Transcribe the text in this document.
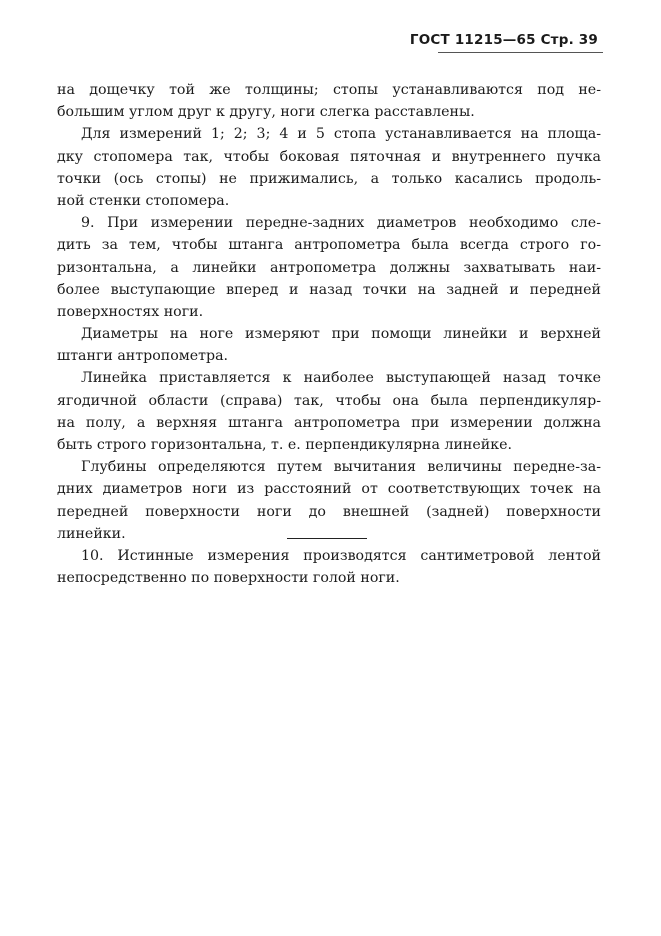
ГОСТ 11215—65 Стр. 39
на дощечку той же толщины; стопы устанавливаются под не-
большим углом друг к другу, ноги слегка расставлены.
Для измерений 1; 2; 3; 4 и 5 стопа устанавливается на площа-
дку стопомера так, чтобы боковая пяточная и внутреннего пучка
точки (ось стопы) не прижимались, а только касались продоль-
ной стенки стопомера.
9. При измерении передне-задних диаметров необходимо сле-
дить за тем, чтобы штанга антропометра была всегда строго го-
ризонтальна, а линейки антропометра должны захватывать наи-
более выступающие вперед и назад точки на задней и передней
поверхностях ноги.
Диаметры на ноге измеряют при помощи линейки и верхней
штанги антропометра.
Линейка приставляется к наиболее выступающей назад точке
ягодичной области (справа) так, чтобы она была перпендикуляр-
на полу, а верхняя штанга антропометра при измерении должна
быть строго горизонтальна, т. е. перпендикулярна линейке.
Глубины определяются путем вычитания величины передне-за-
дних диаметров ноги из расстояний от соответствующих точек на
передней поверхности ноги до внешней (задней) поверхности
линейки.
10. Истинные измерения производятся сантиметровой лентой
непосредственно по поверхности голой ноги.
